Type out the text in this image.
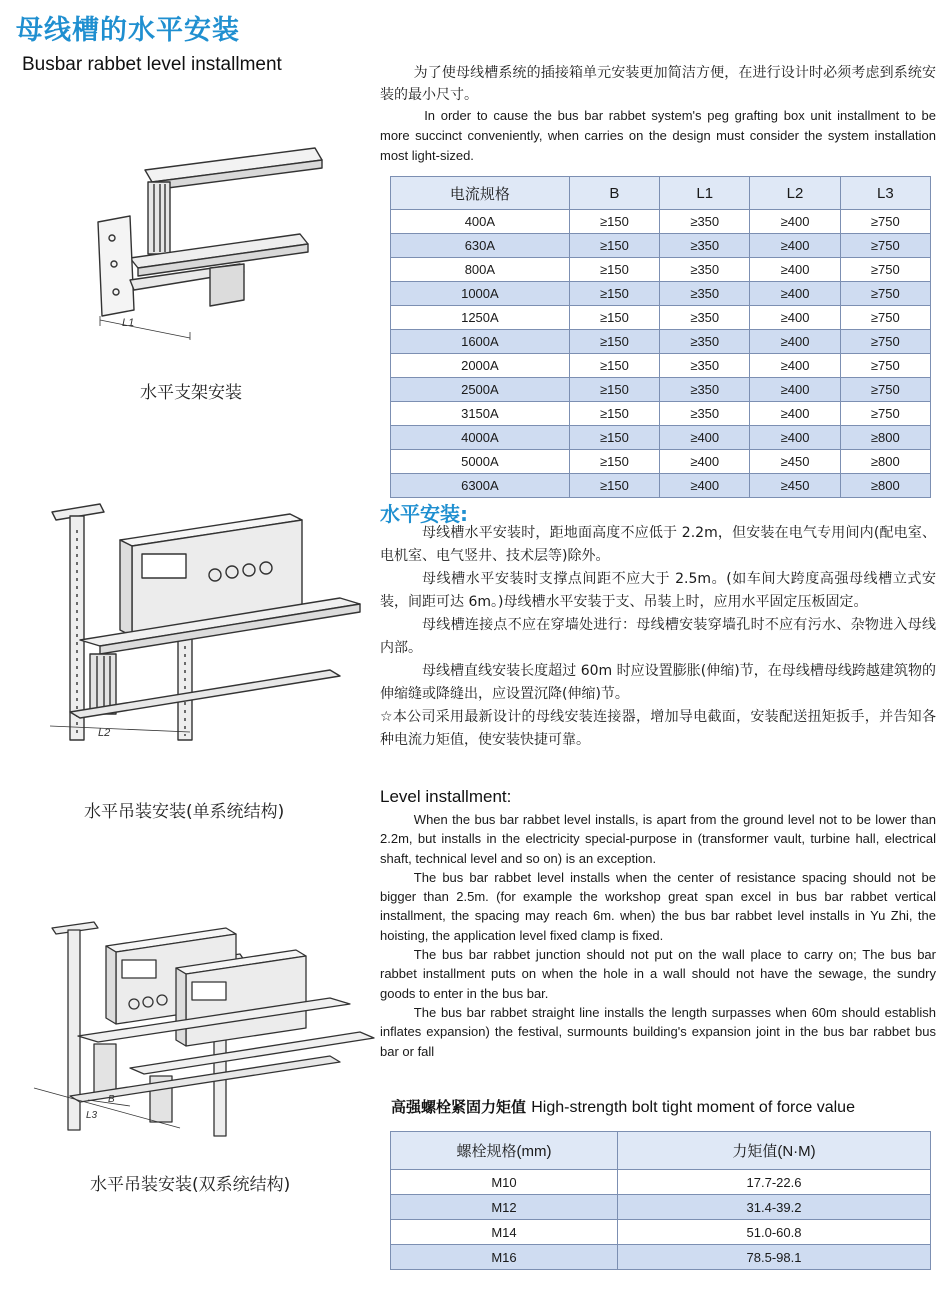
母线槽的水平安装
Busbar rabbet level installment	为了使母线槽系统的插接箱单元安装更加简洁方便，在进行设计时必须考虑到系统安装的最小尺寸。
In order to cause the bus bar rabbet system's peg grafting box unit installment to be more succinct conveniently, when carries on the design must consider the system installation most light-sized.
电流规格	B	L1	L2	L3
400A	≥150	≥350	≥400	≥750
630A	≥150	≥350	≥400	≥750
800A	≥150	≥350	≥400	≥750
1000A	≥150	≥350	≥400	≥750
1250A	≥150	≥350	≥400	≥750
1600A	≥150	≥350	≥400	≥750
2000A	≥150	≥350	≥400	≥750
2500A	≥150	≥350	≥400	≥750
3150A	≥150	≥350	≥400	≥750
4000A	≥150	≥400	≥400	≥800
5000A	≥150	≥400	≥450	≥800
6300A	≥150	≥400	≥450	≥800
L1
水平支架安装
L2
水平吊装安装(单系统结构)
L3
B
水平吊装安装(双系统结构)
水平安装:

母线槽水平安装时，距地面高度不应低于 2.2m，但安装在电气专用间内(配电室、电机室、电气竖井、技术层等)除外。

母线槽水平安装时支撑点间距不应大于 2.5m。(如车间大跨度高强母线槽立式安装，间距可达 6m。)母线槽水平安装于支、吊装上时，应用水平固定压板固定。

母线槽连接点不应在穿墙处进行：母线槽安装穿墙孔时不应有污水、杂物进入母线内部。

母线槽直线安装长度超过 60m 时应设置膨胀(伸缩)节，在母线槽母线跨越建筑物的伸缩缝或降缝出，应设置沉降(伸缩)节。

☆本公司采用最新设计的母线安装连接器，增加导电截面，安装配送扭矩扳手，并告知各种电流力矩值，使安装快捷可靠。

Level installment:

When the bus bar rabbet level installs, is apart from the ground level not to be lower than 2.2m, but installs in the electricity special-purpose in (transformer vault, turbine hall, electrical shaft, technical level and so on) is an exception.

The bus bar rabbet level installs when the center of resistance spacing should not be bigger than 2.5m. (for example the workshop great span excel in bus bar rabbet vertical installment, the spacing may reach 6m. when) the bus bar rabbet level installs in Yu Zhi, the hoisting, the application level fixed clamp is fixed.

The bus bar rabbet junction should not put on the wall place to carry on; The bus bar rabbet installment puts on when the hole in a wall should not have the sewage, the sundry goods to enter in the bus bar.

The bus bar rabbet straight line installs the length surpasses when 60m should establish inflates expansion) the festival, surmounts building's expansion joint in the bus bar rabbet bus bar or fall

高强螺栓紧固力矩值 High-strength bolt tight moment of force value
螺栓规格(mm)	力矩值(N·M)
M10	17.7-22.6
M12	31.4-39.2
M14	51.0-60.8
M16	78.5-98.1
